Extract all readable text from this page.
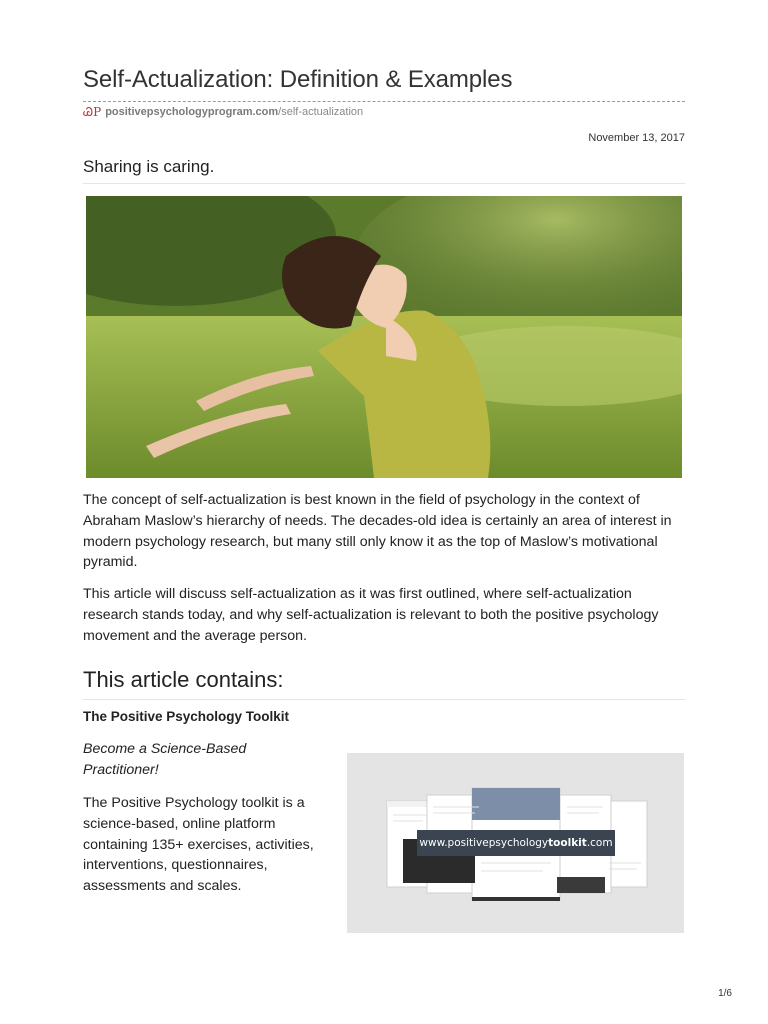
Self-Actualization: Definition & Examples
ᏊP positivepsychologyprogram.com/self-actualization
November 13, 2017
Sharing is caring.

The concept of self-actualization is best known in the field of psychology in the context of Abraham Maslow’s hierarchy of needs. The decades-old idea is certainly an area of interest in modern psychology research, but many still only know it as the top of Maslow’s motivational pyramid.

This article will discuss self-actualization as it was first outlined, where self-actualization research stands today, and why self-actualization is relevant to both the positive psychology movement and the average person.

This article contains:
The Positive Psychology Toolkit

Become a Science-Based Practitioner!

The Positive Psychology toolkit is a science-based, online platform containing 135+ exercises, activities, interventions, questionnaires, assessments and scales.

www.positivepsychology toolkit .com
1/6
